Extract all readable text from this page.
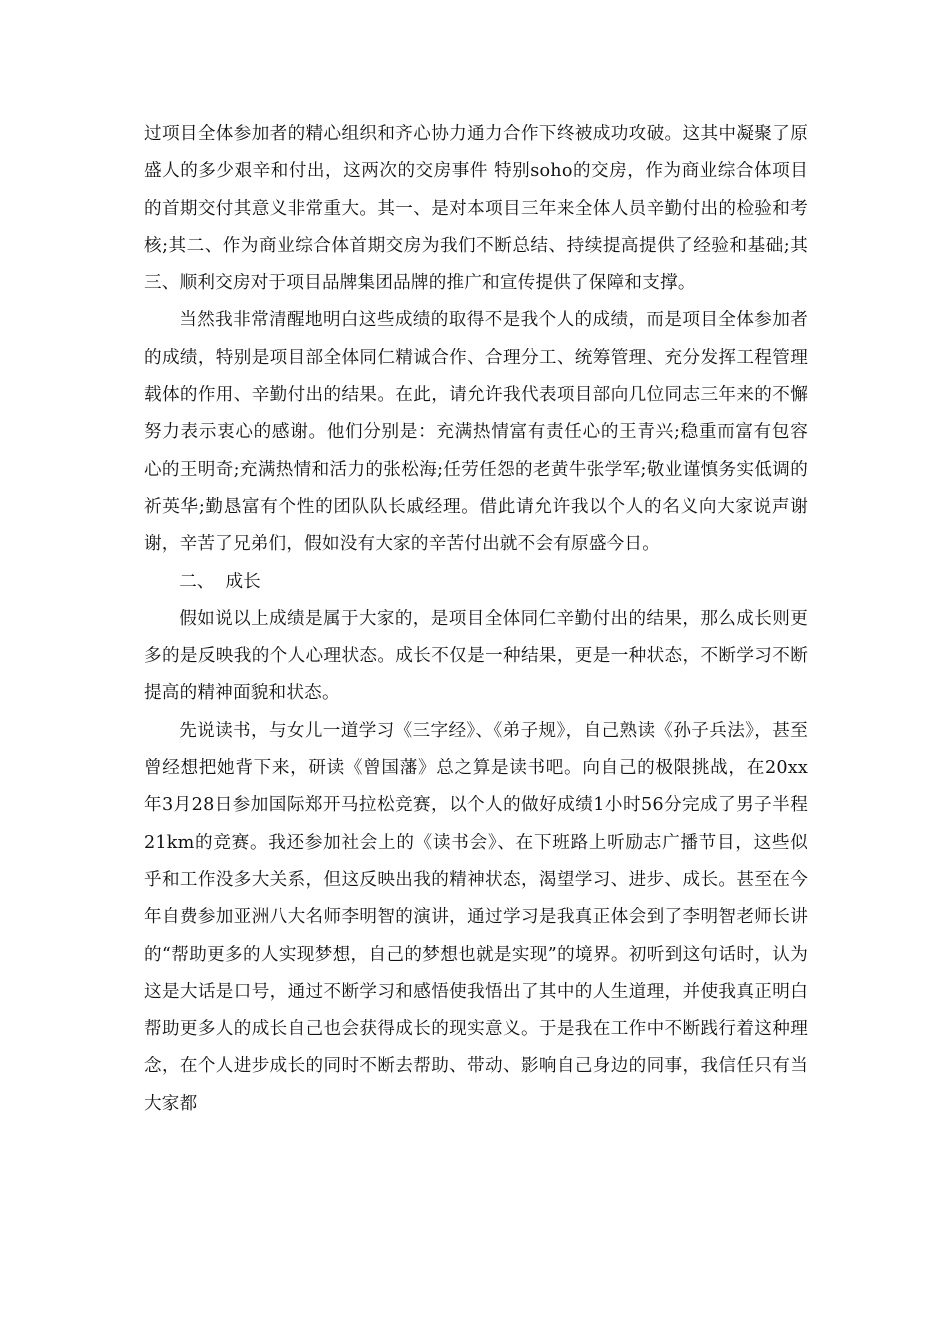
过项目全体参加者的精心组织和齐心协力通力合作下终被成功攻破。这其中凝聚了原盛人的多少艰辛和付出，这两次的交房事件 特别soho的交房，作为商业综合体项目的首期交付其意义非常重大。其一、是对本项目三年来全体人员辛勤付出的检验和考核;其二、作为商业综合体首期交房为我们不断总结、持续提高提供了经验和基础;其三、顺利交房对于项目品牌集团品牌的推广和宣传提供了保障和支撑。

当然我非常清醒地明白这些成绩的取得不是我个人的成绩，而是项目全体参加者的成绩，特别是项目部全体同仁精诚合作、合理分工、统筹管理、充分发挥工程管理载体的作用、辛勤付出的结果。在此，请允许我代表项目部向几位同志三年来的不懈努力表示衷心的感谢。他们分别是：充满热情富有责任心的王青兴;稳重而富有包容心的王明奇;充满热情和活力的张松海;任劳任怨的老黄牛张学军;敬业谨慎务实低调的祈英华;勤恳富有个性的团队队长戚经理。借此请允许我以个人的名义向大家说声谢谢，辛苦了兄弟们，假如没有大家的辛苦付出就不会有原盛今日。

二、  成长

假如说以上成绩是属于大家的，是项目全体同仁辛勤付出的结果，那么成长则更多的是反映我的个人心理状态。成长不仅是一种结果，更是一种状态，不断学习不断提高的精神面貌和状态。

先说读书，与女儿一道学习《三字经》、《弟子规》，自己熟读《孙子兵法》，甚至曾经想把她背下来，研读《曾国藩》总之算是读书吧。向自己的极限挑战，在20xx年3月28日参加国际郑开马拉松竞赛，以个人的做好成绩1小时56分完成了男子半程21km的竞赛。我还参加社会上的《读书会》、在下班路上听励志广播节目，这些似乎和工作没多大关系，但这反映出我的精神状态，渴望学习、进步、成长。甚至在今年自费参加亚洲八大名师李明智的演讲，通过学习是我真正体会到了李明智老师长讲的“帮助更多的人实现梦想，自己的梦想也就是实现”的境界。初听到这句话时，认为这是大话是口号，通过不断学习和感悟使我悟出了其中的人生道理，并使我真正明白帮助更多人的成长自己也会获得成长的现实意义。于是我在工作中不断践行着这种理念，在个人进步成长的同时不断去帮助、带动、影响自己身边的同事，我信任只有当大家都
